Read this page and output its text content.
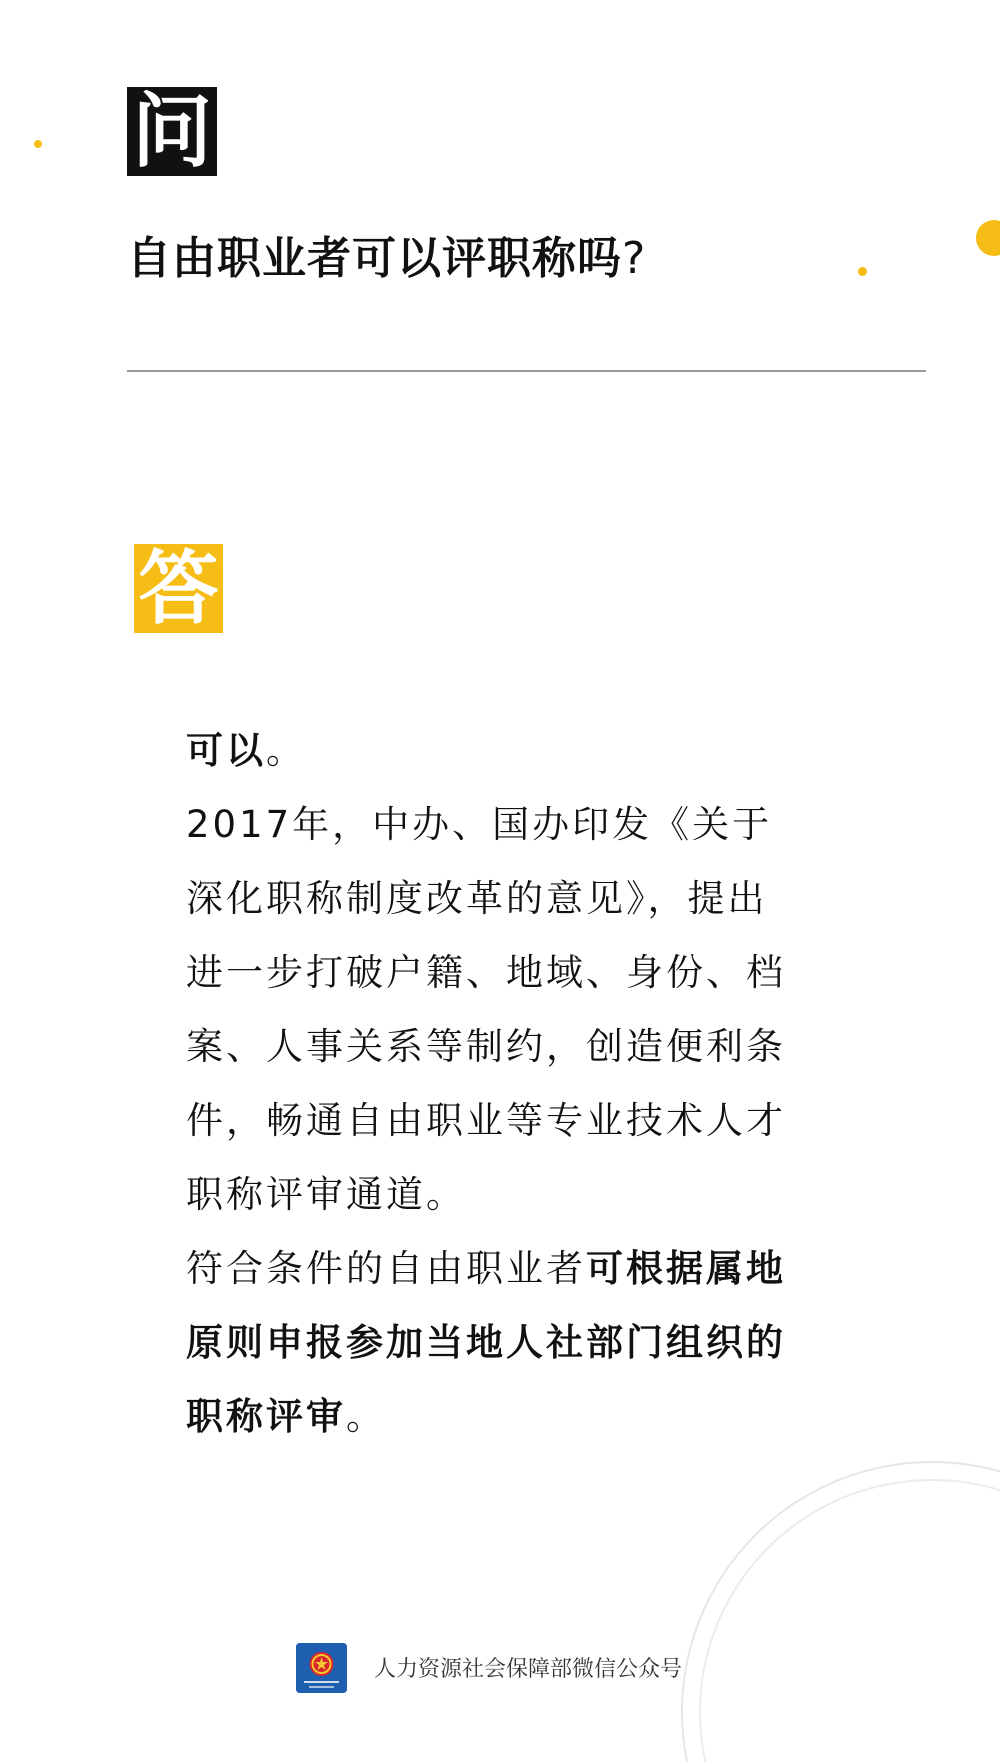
问
自由职业者可以评职称吗?
答

可以。

2017年，中办、国办印发《关于深化职称制度改革的意见》，提出进一步打破户籍、地域、身份、档案、人事关系等制约，创造便利条件，畅通自由职业等专业技术人才职称评审通道。

符合条件的自由职业者可根据属地原则申报参加当地人社部门组织的职称评审。

人力资源社会保障部微信公众号
